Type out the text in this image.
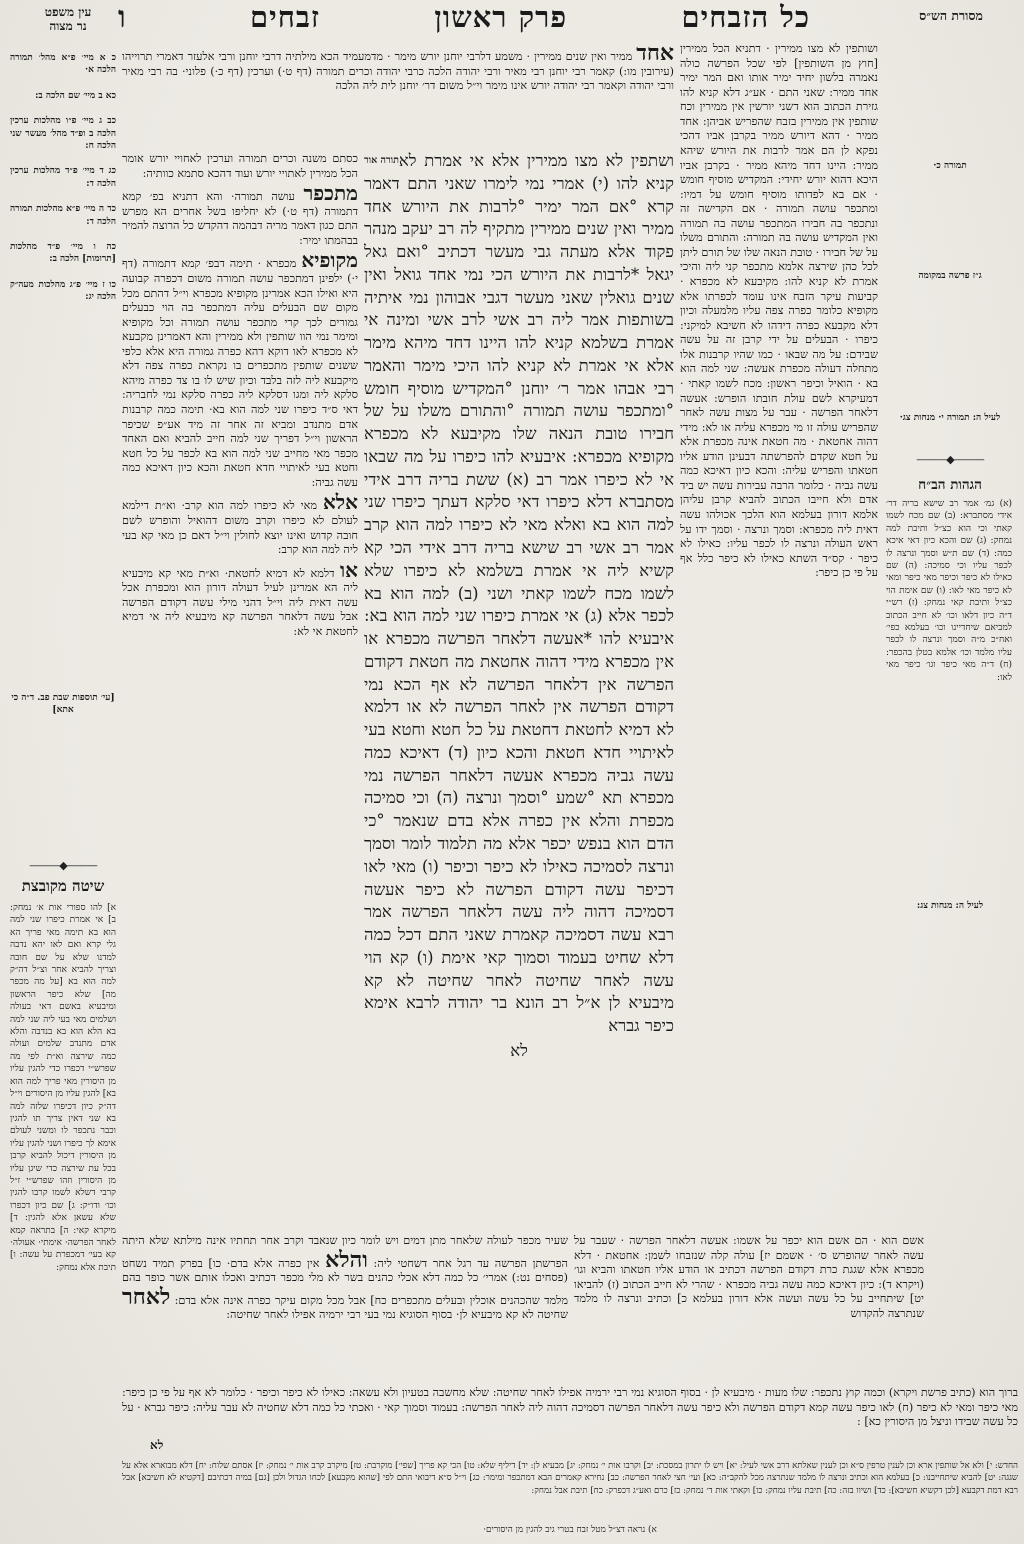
עין משפט
נר מצוה	ו	כל הזבחים
פרק ראשון
זבחים	מסורת הש״ס

כ א מיי׳ פ״א מהל׳ תמורה הלכה א·

כא ב מיי׳ שם הלכה ב:

כב ג מיי׳ פ״ו מהלכות ערכין הלכה ב ופ״ד מהל׳ מעשר שני הלכה ח:

כג ד מיי׳ פ״ד מהלכות ערכין הלכה ד:

כד ה מיי׳ פ״א מהלכות תמורה הלכה ד:

כה ו מיי׳ פ״ד מהלכות [תרומות] הלכה ב:

כו ז מיי׳ פ״ג מהלכות מעה״ק הלכה יג:

[עי׳ תוספות שבת פב. ד״ה כי אתא]
———◆———
שיטה מקובצת
א] להו ספורי אות א׳ נמחק: ב] אי אמרת כיפרו שני למה הוא בא תימה מאי פריך הא גלי קרא ואם לאו יהא נדבה למדנו שלא על שם חובה וצריך להביא אחר וצ״ל דה״ק למה הוא בא [על מה מכפר מה] שלא כיפר הראשון ומיבעיא באשם דאי בעולה ושלמים מאי בעי ליה שני למה בא הלא הוא בא בנדבה והלא אדם מתנדב שלמים ועולה כמה שירצה וא״ת לפי מה שפרש״י דכפרו כדי להגין עליו מן היסורין מאי פריך למה הוא בא] להגין עליו מן היסורים וי״ל דה״ק כיון דכיפרו שלזה למה בא שני דאין צריך תו להגין וכבר נתכפר לו ומשני לעולם אימא לך כיפרו ושני להגין עליו מן היסורין דיכול להביא קרבן בכל עת שירצה כדי שיגן עליו מן היסורין וזהו שפרש״י ז״ל קרבי דשלא לשמו קרבו להגין וכו׳ ודו״ק: ג] שם כיון דכפרו שלא עשאן אלא להגין: ד] מיקרא קאי: ה] בתראה קמא לאחר הפרשה· אימתי· אעולה· קא בעי׳ דמכפרת על עשה: ו] תיבת אלא נמחק:
אחד ממיר ואין שנים ממירין · משמע דלרבי יוחנן יורש מימר · מדמעמיד הכא מילתיה דרבי יוחנן ורבי אלעזר דאמרי תרוייהו (עירובין מו:) קאמר רבי יוחנן רבי מאיר ורבי יהודה הלכה כרבי יהודה וכרים תמורה (דף ט·) וערכין (דף כ·) פלוני· בה רבי מאיר ורבי יהודה וקאמר רבי יהודה יורש אינו מימר וי״ל משום דר׳ יוחנן לית ליה הלכה

כסתם משנה וכרים תמורה וערכין לאחויי יורש אומר הכל ממירין לאתויי יורש ועוד דהכא סתמא כוותיה:

מתכפר עושה תמורה· והא דתניא בפ׳ קמא דתמורה (דף ט·) לא יחליפו בשל אחרים הא מפרש התם כגון דאמר מריה דבהמה דהקדש כל הרוצה להמיר בבהמתו ימיר:

מקופיא מכפרא · תימה דבפ׳ קמא דתמורה (דף י·) ילפינן דמתכפר עושה תמורה משום דכפרה קבועה היא ואילו הכא אמרינן מקופיא מכפרא וי״ל דהתם מכל מקום שם הבעלים עליה דמתכפר בה הוי כבעלים גמורים לכך קרי מתכפר עושה תמורה וכל מקופיא ומימר נמי הוו שותפין ולא ממירין והא דאמרינן מקבעא לא מכפרא לאו דוקא דהא כפרה גמורה היא אלא כלפי ששנים שותפין מתכפרים בו נקראת כפרה צפה דלא מיקבעא ליה לזה בלבד וכיון שיש לו בו צד כפרה מיהא סלקא ליה ומגו דסלקא ליה כפרה סלקא נמי לחבריה: דאי ס״ד כיפרו שני למה הוא בא· תימה כמה קרבנות אדם מתנדב ומביא זה אחר זה מיד אע״פ שכיפר הראשון וי״ל דפריך שני למה חייב להביא ואם האחד מכפר מאי מחייב שני למה הוא בא לכפר על כל חטא וחטא בעי לאיתויי חדא חטאת והכא כיון דאיכא כמה עשה גביה:

אלא מאי לא כיפרו למה הוא קרב· וא״ת דילמא לעולם לא כיפרו וקרב משום דהואיל והופרש לשם חובה קדוש ואינו יוצא לחולין וי״ל דאם כן מאי קא בעי ליה למה הוא קרב:

או דלמא לא דמיא לחטאת· וא״ת מאי קא מיבעיא ליה הא אמרינן לעיל דעולה דורון הוא ומכפרת אכל עשה דאית ליה וי״ל דהני מילי עשה דקודם הפרשה אבל עשה דלאחר הפרשה קא מיבעיא ליה אי דמיא לחטאת אי לא:

תורה אור ושתפין לא מצו ממירין אלא אי אמרת לא קניא להו (י) אמרי נמי לימרו שאני התם דאמר קרא °אם המר ימיר °לרבות את היורש אחד ממיר ואין שנים ממירין מתקיף לה רב יעקב מנהר פקוד אלא מעתה גבי מעשר דכתיב °ואם גאל יגאל *לרבות את היורש הכי נמי אחד גואל ואין שנים גואלין שאני מעשר דגבי אבוהון נמי איתיה בשותפות אמר ליה רב אשי לרב אשי ומינה אי אמרת בשלמא קניא להו היינו דחד מיהא מימר אלא אי אמרת לא קניא להו היכי מימר והאמר רבי אבהו אמר ר׳ יוחנן °המקדיש מוסיף חומש °ומתכפר עושה תמורה °והתורם משלו על של חבירו טובת הנאה שלו מקיבעא לא מכפרא מקופיא מכפרא: איבעיא להו כיפרו על מה שבאו אי לא כיפרו אמר רב (א) ששת בריה דרב אידי מסתברא דלא כיפרו דאי סלקא דעתך כיפרו שני למה הוא בא ואלא מאי לא כיפרו למה הוא קרב אמר רב אשי רב שישא בריה דרב אידי הכי קא קשיא ליה אי אמרת בשלמא לא כיפרו שלא לשמו מכח לשמו קאתי ושני (ב) למה הוא בא לכפר אלא (ג) אי אמרת כיפרו שני למה הוא בא: איבעיא להו *אעשה דלאחר הפרשה מכפרא או אין מכפרא מידי דהוה אחטאת מה חטאת דקודם הפרשה אין דלאחר הפרשה לא אף הכא נמי דקודם הפרשה אין לאחר הפרשה לא או דלמא לא דמיא לחטאת דחטאת על כל חטא וחטא בעי לאיתויי חדא חטאת והכא כיון (ד) דאיכא כמה עשה גביה מכפרא אעשה דלאחר הפרשה נמי מכפרא תא °שמע °וסמך ונרצה (ה) וכי סמיכה מכפרת והלא אין כפרה אלא בדם שנאמר °כי הדם הוא בנפש יכפר אלא מה תלמוד לומר וסמך ונרצה לסמיכה כאילו לא כיפר וכיפר (ו) מאי לאו דכיפר עשה דקודם הפרשה לא כיפר אעשה דסמיכה דהוה ליה עשה דלאחר הפרשה אמר רבא עשה דסמיכה קאמרת שאני התם דכל כמה דלא שחיט בעמוד וסמוך קאי אימת (ו) קא הוי עשה לאחר שחיטה לאחר שחיטה לא קא מיבעיא לן א״ל רב הונא בר יהודה לרבא אימא כיפר גברא
לא
ושותפין לא מצו ממירין · דתניא הכל ממירין [חוץ מן השותפין] לפי שכל הפרשה כולה נאמרה בלשון יחיד ימיר אותו ואם המר ימיר אחד ממיר: שאני התם · אע״ג דלא קניא להו גזירת הכתוב הוא דשני יורשין אין ממירין וכח שותפין אין ממירין בזבח שהפריש אביהן: אחד ממיר · דהא דיורש ממיר בקרבן אביו דהכי נפקא לן הם אמר לרבות את היורש שיהא ממיר: היינו דחד מיהא ממיר · בקרבן אביו היכא דהוא יורש יחידי: המקדיש מוסיף חומש · אם בא לפדותו מוסיף חומש על דמיו: ומתכפר עושה תמורה · אם הקדישה זה ונתכפר בה חבירו המתכפר עושה בה תמורה ואין המקדיש עושה בה תמורה: והתורם משלו על של חבירו · טובת הנאה שלו של תורם ליתן לכל כהן שירצה אלמא מתכפר קני ליה והיכי אמרת לא קניא להו: מקיבעא לא מכפרא · קביעות עיקר הזבח אינו עומד לכפרתו אלא מקופיא כלומר כפרה צפה עליו מלמעלה וכיון דלא מקבעא כפרה דידהו לא חשיבא למיקני: כיפרו · הבעלים על ידי קרבן זה על עשה שבידם: על מה שבאו · כמו שהיו קרבנות אלו מתחלה דעולה מכפרת אעשה: שני למה הוא בא · הואיל וכיפר ראשון: מכח לשמו קאתי · דמעיקרא לשם עולת חובתו הופרש: אעשה דלאחר הפרשה · עבר על מצות עשה לאחר שהפריש עולה זו מי מכפרא עליה או לא: מידי דהוה אחטאת · מה חטאת אינה מכפרת אלא על חטא שקדם להפרשתה דבעינן הודע אליו חטאתו והפריש עליה: והכא כיון דאיכא כמה עשה גביה · כלומר הרבה עבירות עשה יש ביד אדם ולא חייבו הכתוב להביא קרבן עליהן אלמא דורון בעלמא הוא הלכך אכולהו עשה דאית ליה מכפרא: וסמך ונרצה · וסמך ידו על ראש העולה ונרצה לו לכפר עליו: כאילו לא כיפר · קס״ד השתא כאילו לא כיפר כלל אף על פי כן כיפר:
תמורה כ·
ג״ז פרשה במקומה
לעיל ה: תמורה י· מנחות צג·
———◆———
הגהות הב״ח
(א) גמ׳ אמר רב שישא בריה דר׳ אידי מסתברא: (ב) שם מכח לשמו קאתי וכי הוא כצ״ל ותיבת למה נמחק: (ג) שם והכא כיון דאי איכא כמה: (ד) שם ת״ש וסמך ונרצה לו לכפר עליו וכי סמיכה: (ה) שם כאילו לא כיפר וכיפר מאי כיפר ומאי לא כיפר מאי לאו: (ו) שם אימת הוי כצ״ל ותיבת קאי נמחק: (ז) רש״י ד״ה כיון דלאו וכו׳ לא חייב הכתוב למביאם שיחדיינו וכו׳ בעלמא כפי׳ ואח״כ מ״ה וסמך ונרצה לו לכפר עליו מלמד וכו׳ אלמא בטלן בהכפר: (ח) ד״ה מאי כיפר וגו׳ כיפר מאי לאו:
לעיל ה: מנחות צג:
שעיר מכפר לעולה שלאחר מתן דמים ויש לומר כיון שנאבד וקרב אחר תחתיו אינה מילתא שלא היתה הפרשתן הפרשה עד רגל אחר דשחטי ליה: והלא אין כפרה אלא בדם· כו] בפרק תמיד נשחט (פסחים נט:) אמרי׳ כל כמה דלא אכלי כהנים בשר לא מלי מכפר דכתיב ואכלו אותם אשר כופר בהם מלמד שהכהנים אוכלין ובעלים מתכפרים כח] אבל מכל מקום עיקר כפרה אינה אלא בדם: לאחר שחיטה לא קא מיבעיא לן· בסוף הסוגיא נמי בעי רבי ירמיה אפילו לאחר שחיטה:
אשם הוא · הם אשם הוא יכפר על אשמו: אעשה דלאחר הפרשה · שעבר על עשה לאחר שהופרש ס׳ · אשמם יז] עולה קלה שנזבחו לשמן: אחטאת · דלא מכפרא אלא שגגת כרת דקודם הפרשה דכתיב או הודע אליו חטאתו והביא וגו׳ (ויקרא ד): כיון דאיכא כמה עשה גביה מכפרא · שהרי לא חייב הכתוב (ז) להביאו יט] שיתחייב על כל עשה ועשה אלא דורון בעלמא כ] וכתיב ונרצה לו מלמד שנתרצה להקדוש
ברוך הוא (כתיב פרשת ויקרא) וכמה קוץ נתכפר: שלו מעות · מיבעיא לן · בסוף הסוגיא נמי רבי ירמיה אפילו לאחר שחיטה: שלא מחשבה בטעיון ולא עשאה: כאילו לא כיפר וכיפר · כלומר לא אף על פי כן כיפר: מאי כיפר ומאי לא כיפר (ח) לאו כיפר עשה קמא דקודם הפרשה ולא כיפר עשה דלאחר הפרשה דסמיכה דהוה ליה לאחר הפרשה: בעמוד וסמוך קאי · ואכתי כל כמה דלא שחטיה לא עבר עליה: כיפר גברא · על כל עשה שבידו וניצל מן היסורין כא] :
לא
החדש: י] ולא אל שותפין ארא וכן לענין טרפין ס״א וכן לענין שאלתא דרב אשי לעיל: יא] ויש לו יתרון במסכת: יב] וקרבו אות י׳ נמחק: יג] מבעיא לן: יד] דיליף שלא: טו] הכי קא פריך [שפי׳] מוקרבת: טז] מיקרב קרב אות י׳ נמחק: יז] אסתם שלוח: יח] דלא מבוארא אלא על שגגה: יט] להביא שיתחייבנו: כ] בעלמא הוא וכתיב ונרצה לו מלמד שנתרצה מכל להקב״ה: כא] ועי׳ חצי לאחר הפרשה: כב] נחירא קאמרים הבא דמתכפר ומימר: כג] וי״ל ס״א דיבואי התם לפי [שהוא מקבעא] לכחו הגדול ולכן [גם] במיה דכתיבם [דקטיא לא חשיבא] אבל רבא דמת דקבעא [לכן דקשיא חשיבא]: כד] ושיוו בזה: כה] תיבת עליו נמחק: כו] וקאתי אות ד׳ נמחק: כז] כרם ואע״ג דכפרק: כח] תיבת אבל נמחק:
א) נראה דצ״ל מטל זבח בטרי גיב להגין מן היסורים·
